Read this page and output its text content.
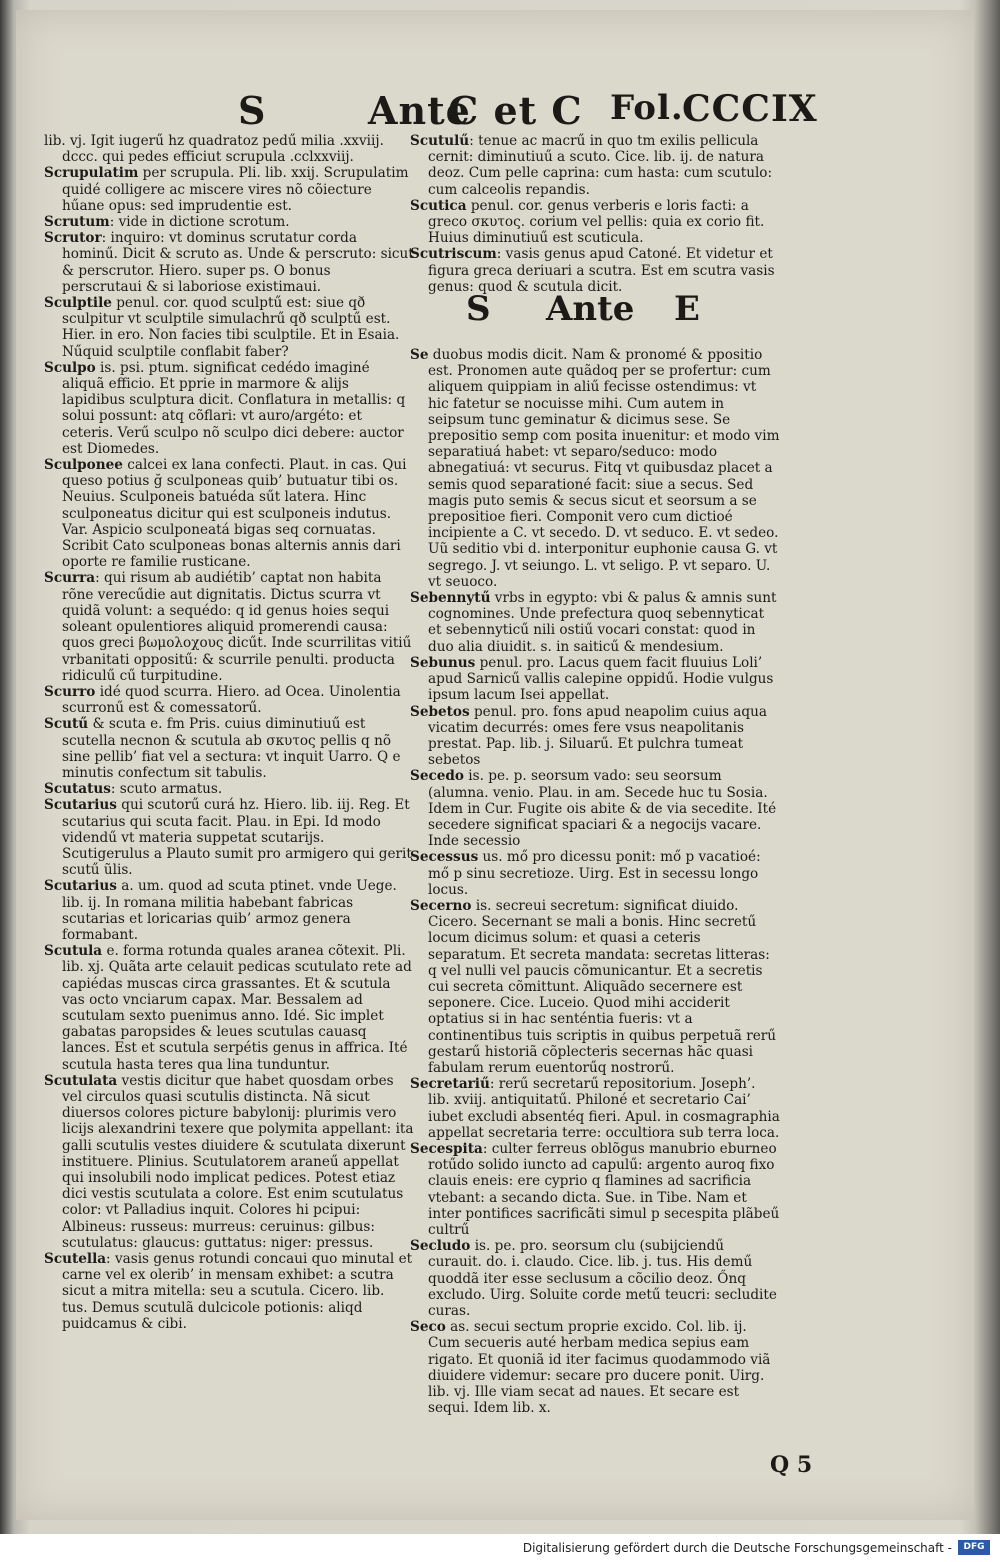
S	Ante
C et C Fol.
CCCIX

lib. vj. Igit iugerű hz quadratoz pedű milia .xxviij. dccc. qui pedes efficiut scrupula .cclxxviij.

Scrupulatim per scrupula. Pli. lib. xxij. Scrupulatim quidé colligere ac miscere vires nõ cõiecture hűane opus: sed imprudentie est.

Scrutum: vide in dictione scrotum.

Scrutor: inquiro: vt dominus scrutatur corda hominű. Dicit & scruto as. Unde & perscruto: sicut & perscrutor. Hiero. super ps. O bonus perscrutaui & si laboriose existimaui.

Sculptile penul. cor. quod sculptű est: siue qð sculpitur vt sculptile simulachrű qð sculptű est. Hier. in ero. Non facies tibi sculptile. Et in Esaia. Nűquid sculptile conflabit faber?

Sculpo is. psi. ptum. significat cedédo imaginé aliquã efficio. Et pprie in marmore & alijs lapidibus sculptura dicit. Conflatura in metallis: q solui possunt: atq cõflari: vt auro/argéto: et ceteris. Verű sculpo nõ sculpo dici debere: auctor est Diomedes.

Sculponee calcei ex lana confecti. Plaut. in cas. Qui queso potius ğ sculponeas quib’ butuatur tibi os. Neuius. Sculponeis batuéda sűt latera. Hinc sculponeatus dicitur qui est sculponeis indutus. Var. Aspicio sculponeatá bigas seq cornuatas. Scribit Cato sculponeas bonas alternis annis dari oporte re familie rusticane.

Scurra: qui risum ab audiétib’ captat non habita rõne verecűdie aut dignitatis. Dictus scurra vt quidã volunt: a sequédo: q id genus hoies sequi soleant opulentiores aliquid promerendi causa: quos greci βωμολοχους dicűt. Inde scurrilitas vitiű vrbanitati oppositű: & scurrile penulti. producta ridiculű cű turpitudine.

Scurro idé quod scurra. Hiero. ad Ocea. Uinolentia scurronű est & comessatorű.

Scutű & scuta e. fm Pris. cuius diminutiuű est scutella necnon & scutula ab σκυτος pellis q nõ sine pellib’ fiat vel a sectura: vt inquit Uarro. Q e minutis confectum sit tabulis.

Scutatus: scuto armatus.

Scutarius qui scutorű curá hz. Hiero. lib. iij. Reg. Et scutarius qui scuta facit. Plau. in Epi. Id modo videndű vt materia suppetat scutarijs. Scutigerulus a Plauto sumit pro armigero qui gerit scutű ũlis.

Scutarius a. um. quod ad scuta ptinet. vnde Uege. lib. ij. In romana militia habebant fabricas scutarias et loricarias quib’ armoz genera formabant.

Scutula e. forma rotunda quales aranea cõtexit. Pli. lib. xj. Quãta arte celauit pedicas scutulato rete ad capiédas muscas circa grassantes. Et & scutula vas octo vnciarum capax. Mar. Bessalem ad scutulam sexto puenimus anno. Idé. Sic implet gabatas paropsides & leues scutulas cauasq lances. Est et scutula serpétis genus in affrica. Ité scutula hasta teres qua lina tunduntur.

Scutulata vestis dicitur que habet quosdam orbes vel circulos quasi scutulis distincta. Nã sicut diuersos colores picture babylonij: plurimis vero licijs alexandrini texere que polymita appellant: ita galli scutulis vestes diuidere & scutulata dixerunt instituere. Plinius. Scutulatorem araneű appellat qui insolubili nodo implicat pedices. Potest etiaz dici vestis scutulata a colore. Est enim scutulatus color: vt Palladius inquit. Colores hi pcipui: Albineus: russeus: murreus: ceruinus: gilbus: scutulatus: glaucus: guttatus: niger: pressus.

Scutella: vasis genus rotundi concaui quo minutal et carne vel ex olerib’ in mensam exhibet: a scutra sicut a mitra mitella: seu a scutula. Cicero. lib. tus. Demus scutulã dulcicole potionis: aliqd puidcamus & cibi.

Scutulű: tenue ac macrű in quo tm exilis pellicula cernit: diminutiuű a scuto. Cice. lib. ij. de natura deoz. Cum pelle caprina: cum hasta: cum scutulo: cum calceolis repandis.

Scutica penul. cor. genus verberis e loris facti: a greco σκυτος. corium vel pellis: quia ex corio fit. Huius diminutiuű est scuticula.

Scutriscum: vasis genus apud Catoné. Et videtur et figura greca deriuari a scutra. Est em scutra vasis genus: quod & scutula dicit.

S Ante E

Se duobus modis dicit. Nam & pronomé & ppositio est. Pronomen aute quãdoq per se profertur: cum aliquem quippiam in aliű fecisse ostendimus: vt hic fatetur se nocuisse mihi. Cum autem in seipsum tunc geminatur & dicimus sese. Se prepositio semp com posita inuenitur: et modo vim separatiuá habet: vt separo/seduco: modo abnegatiuá: vt securus. Fitq vt quibusdaz placet a semis quod separationé facit: siue a secus. Sed magis puto semis & secus sicut et seorsum a se prepositioe fieri. Componit vero cum dictioé incipiente a C. vt secedo. D. vt seduco. E. vt sedeo. Uũ seditio vbi d. interponitur euphonie causa G. vt segrego. J. vt seiungo. L. vt seligo. P. vt separo. U. vt seuoco.

Sebennytű vrbs in egypto: vbi & palus & amnis sunt cognomines. Unde prefectura quoq sebennyticat et sebennyticű nili ostiű vocari constat: quod in duo alia diuidit. s. in saiticű & mendesium.

Sebunus penul. pro. Lacus quem facit fluuius Loli’ apud Sarnicű vallis calepine oppidű. Hodie vulgus ipsum lacum Isei appellat.

Sebetos penul. pro. fons apud neapolim cuius aqua vicatim decurrés: omes fere vsus neapolitanis prestat. Pap. lib. j. Siluarű. Et pulchra tumeat sebetos

Secedo is. pe. p. seorsum vado: seu seorsum (alumna. venio. Plau. in am. Secede huc tu Sosia. Idem in Cur. Fugite ois abite & de via secedite. Ité secedere significat spaciari & a negocijs vacare. Inde secessio

Secessus us. mő pro dicessu ponit: mő p vacatioé: mő p sinu secretioze. Uirg. Est in secessu longo locus.

Secerno is. secreui secretum: significat diuido. Cicero. Secernant se mali a bonis. Hinc secretű locum dicimus solum: et quasi a ceteris separatum. Et secreta mandata: secretas litteras: q vel nulli vel paucis cõmunicantur. Et a secretis cui secreta cõmittunt. Aliquãdo secernere est seponere. Cice. Luceio. Quod mihi acciderit optatius si in hac senténtia fueris: vt a continentibus tuis scriptis in quibus perpetuã rerű gestarű historiã cõplecteris secernas hãc quasi fabulam rerum euentorűq nostrorű.

Secretariű: rerű secretarű repositorium. Joseph’. lib. xviij. antiquitatű. Philoné et secretario Cai’ iubet excludi absentéq fieri. Apul. in cosmagraphia appellat secretaria terre: occultiora sub terra loca.

Secespita: culter ferreus oblõgus manubrio eburneo rotűdo solido iuncto ad capulű: argento auroq fixo clauis eneis: ere cyprio q flamines ad sacrificia vtebant: a secando dicta. Sue. in Tibe. Nam et inter pontifices sacrificãti simul p secespita plãbeű cultrű

Secludo is. pe. pro. seorsum clu (subijciendű curauit. do. i. claudo. Cice. lib. j. tus. His demű quoddã iter esse seclusum a cõcilio deoz. Őnq excludo. Uirg. Soluite corde metű teucri: secludite curas.

Seco as. secui sectum proprie excido. Col. lib. ij. Cum secueris auté herbam medica sepius eam rigato. Et quoniã id iter facimus quodammodo viã diuidere videmur: secare pro ducere ponit. Uirg. lib. vj. Ille viam secat ad naues. Et secare est sequi. Idem lib. x.

Q 5
Digitalisierung gefördert durch die Deutsche Forschungsgemeinschaft -	DFG
